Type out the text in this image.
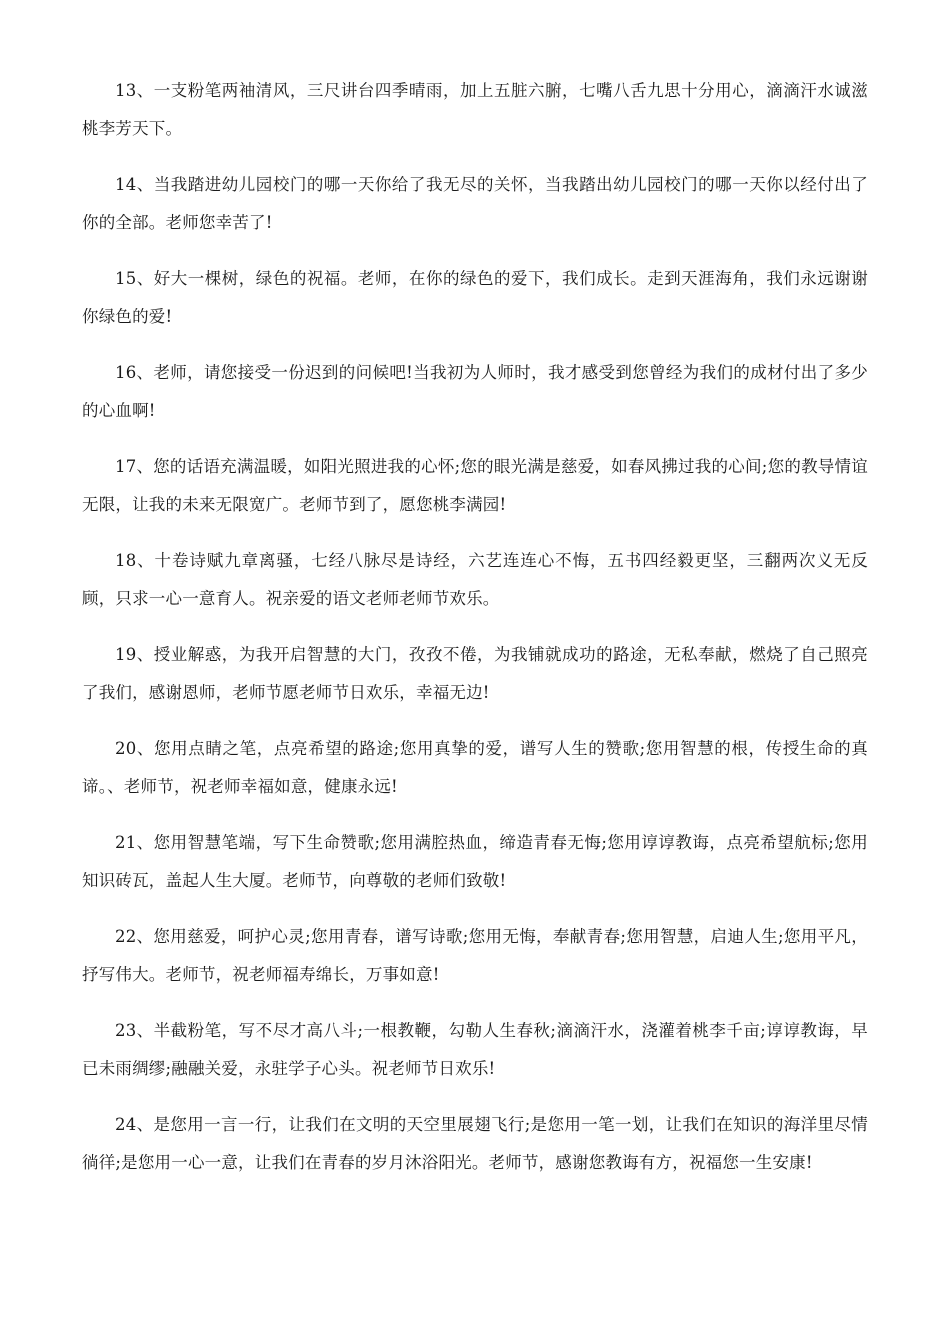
13、一支粉笔两袖清风，三尺讲台四季晴雨，加上五脏六腑，七嘴八舌九思十分用心，滴滴汗水诚滋桃李芳天下。

14、当我踏进幼儿园校门的哪一天你给了我无尽的关怀，当我踏出幼儿园校门的哪一天你以经付出了你的全部。老师您幸苦了!

15、好大一棵树，绿色的祝福。老师，在你的绿色的爱下，我们成长。走到天涯海角，我们永远谢谢你绿色的爱!

16、老师，请您接受一份迟到的问候吧!当我初为人师时，我才感受到您曾经为我们的成材付出了多少的心血啊!

17、您的话语充满温暖，如阳光照进我的心怀;您的眼光满是慈爱，如春风拂过我的心间;您的教导情谊无限，让我的未来无限宽广。老师节到了，愿您桃李满园!

18、十卷诗赋九章离骚，七经八脉尽是诗经，六艺连连心不悔，五书四经毅更坚，三翻两次义无反顾，只求一心一意育人。祝亲爱的语文老师老师节欢乐。

19、授业解惑，为我开启智慧的大门，孜孜不倦，为我铺就成功的路途，无私奉献，燃烧了自己照亮了我们，感谢恩师，老师节愿老师节日欢乐，幸福无边!

20、您用点睛之笔，点亮希望的路途;您用真挚的爱，谱写人生的赞歌;您用智慧的根，传授生命的真谛。、老师节，祝老师幸福如意，健康永远!

21、您用智慧笔端，写下生命赞歌;您用满腔热血，缔造青春无悔;您用谆谆教诲，点亮希望航标;您用知识砖瓦，盖起人生大厦。老师节，向尊敬的老师们致敬!

22、您用慈爱，呵护心灵;您用青春，谱写诗歌;您用无悔，奉献青春;您用智慧，启迪人生;您用平凡，抒写伟大。老师节，祝老师福寿绵长，万事如意!

23、半截粉笔，写不尽才高八斗;一根教鞭，勾勒人生春秋;滴滴汗水，浇灌着桃李千亩;谆谆教诲，早已未雨绸缪;融融关爱，永驻学子心头。祝老师节日欢乐!

24、是您用一言一行，让我们在文明的天空里展翅飞行;是您用一笔一划，让我们在知识的海洋里尽情徜徉;是您用一心一意，让我们在青春的岁月沐浴阳光。老师节，感谢您教诲有方，祝福您一生安康!
